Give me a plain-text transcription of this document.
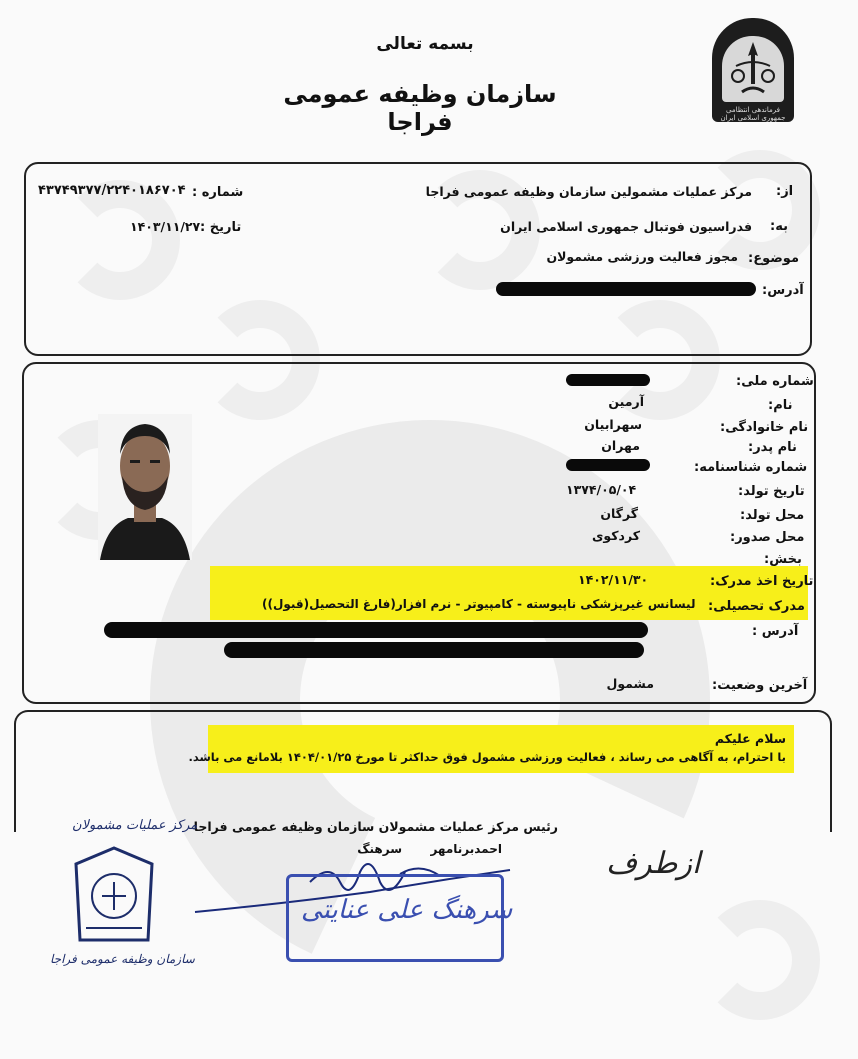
بسمه تعالی
سازمان وظیفه عمومی فراجا	فرماندهی انتظامی جمهوری اسلامی ایران
از:
مرکز عملیات مشمولین سازمان وظیفه عمومی فراجا
به:
فدراسیون فوتبال جمهوری اسلامی ایران
موضوع:
مجوز فعالیت ورزشی مشمولان
آدرس:
شماره :
۴۳۷۴۹۳۷۷/۲۲۴۰۱۸۶۷۰۴
تاریخ :
۱۴۰۳/۱۱/۲۷
شماره ملی:
نام:
آرمین
نام خانوادگی:
سهرابیان
نام پدر:
مهران
شماره شناسنامه:
تاریخ تولد:
۱۳۷۴/۰۵/۰۴
محل تولد:
گرگان
محل صدور:
کردکوی
بخش:
تاریخ اخذ مدرک:
۱۴۰۲/۱۱/۳۰
مدرک تحصیلی:
لیسانس غیرپزشکی ناپیوسته - کامپیوتر - نرم افزار(فارغ التحصیل(قبول))
آدرس :
آخرین وضعیت:
مشمول
سلام علیکم
با احترام، به آگاهی می رساند ، فعالیت ورزشی مشمول فوق حداکثر تا مورخ ۱۴۰۴/۰۱/۲۵ بلامانع می باشد.
رئیس مرکز عملیات مشمولان سازمان وظیفه عمومی فراجا
سرهنگ احمدبرنامهر	ازطرف
سرهنگ علی عنایتی
مرکز عملیات مشمولان
سازمان وظیفه عمومی فراجا
